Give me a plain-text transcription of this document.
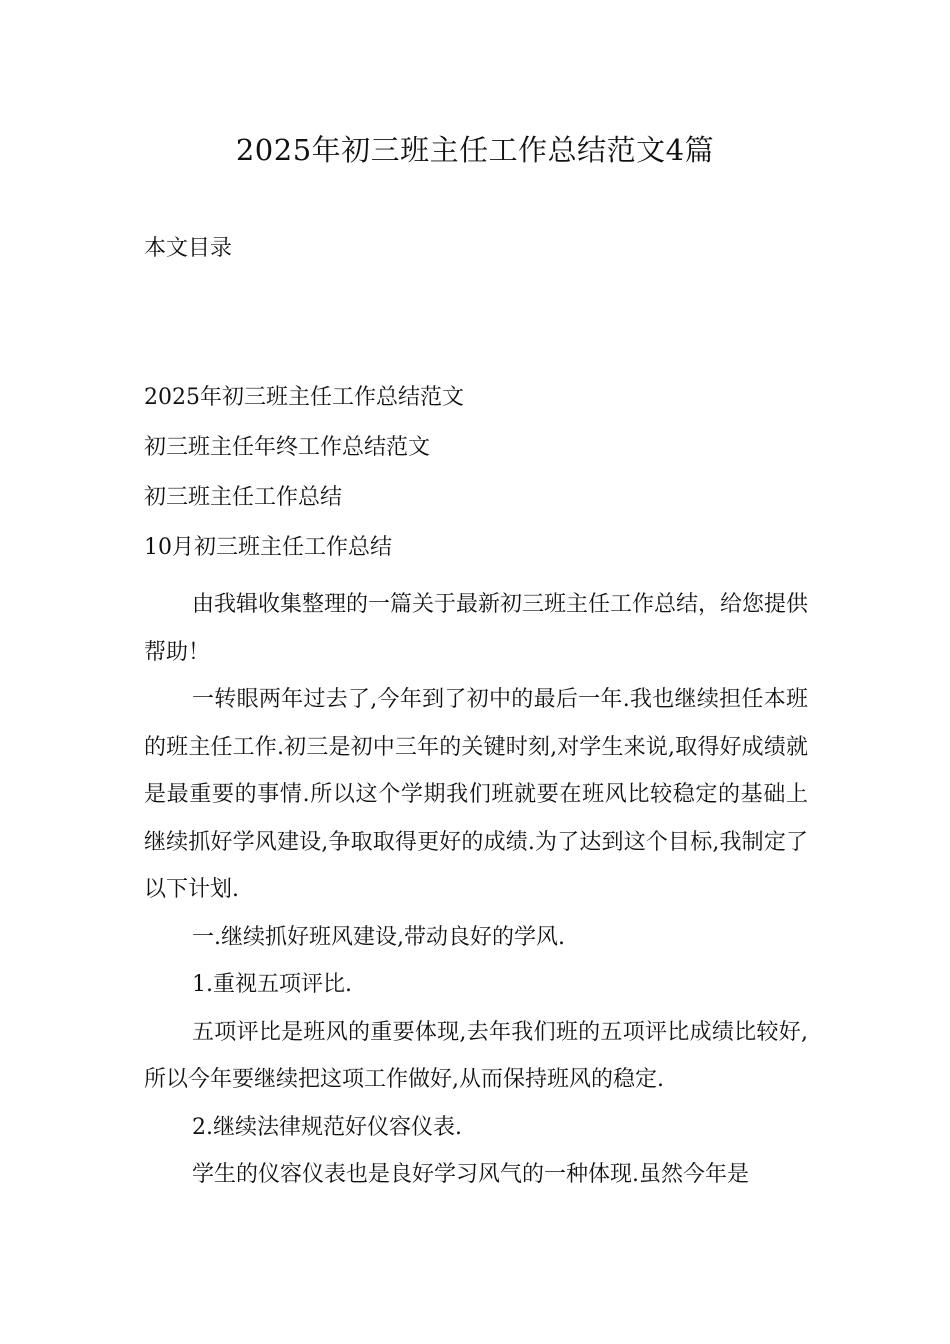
2025年初三班主任工作总结范文4篇
本文目录
2025年初三班主任工作总结范文
初三班主任年终工作总结范文
初三班主任工作总结
10月初三班主任工作总结

由我辑收集整理的一篇关于最新初三班主任工作总结，给您提供帮助！

一转眼两年过去了,今年到了初中的最后一年.我也继续担任本班的班主任工作.初三是初中三年的关键时刻,对学生来说,取得好成绩就是最重要的事情.所以这个学期我们班就要在班风比较稳定的基础上继续抓好学风建设,争取取得更好的成绩.为了达到这个目标,我制定了以下计划.

一.继续抓好班风建设,带动良好的学风.

1.重视五项评比.

五项评比是班风的重要体现,去年我们班的五项评比成绩比较好,所以今年要继续把这项工作做好,从而保持班风的稳定.

2.继续法律规范好仪容仪表.

学生的仪容仪表也是良好学习风气的一种体现.虽然今年是
